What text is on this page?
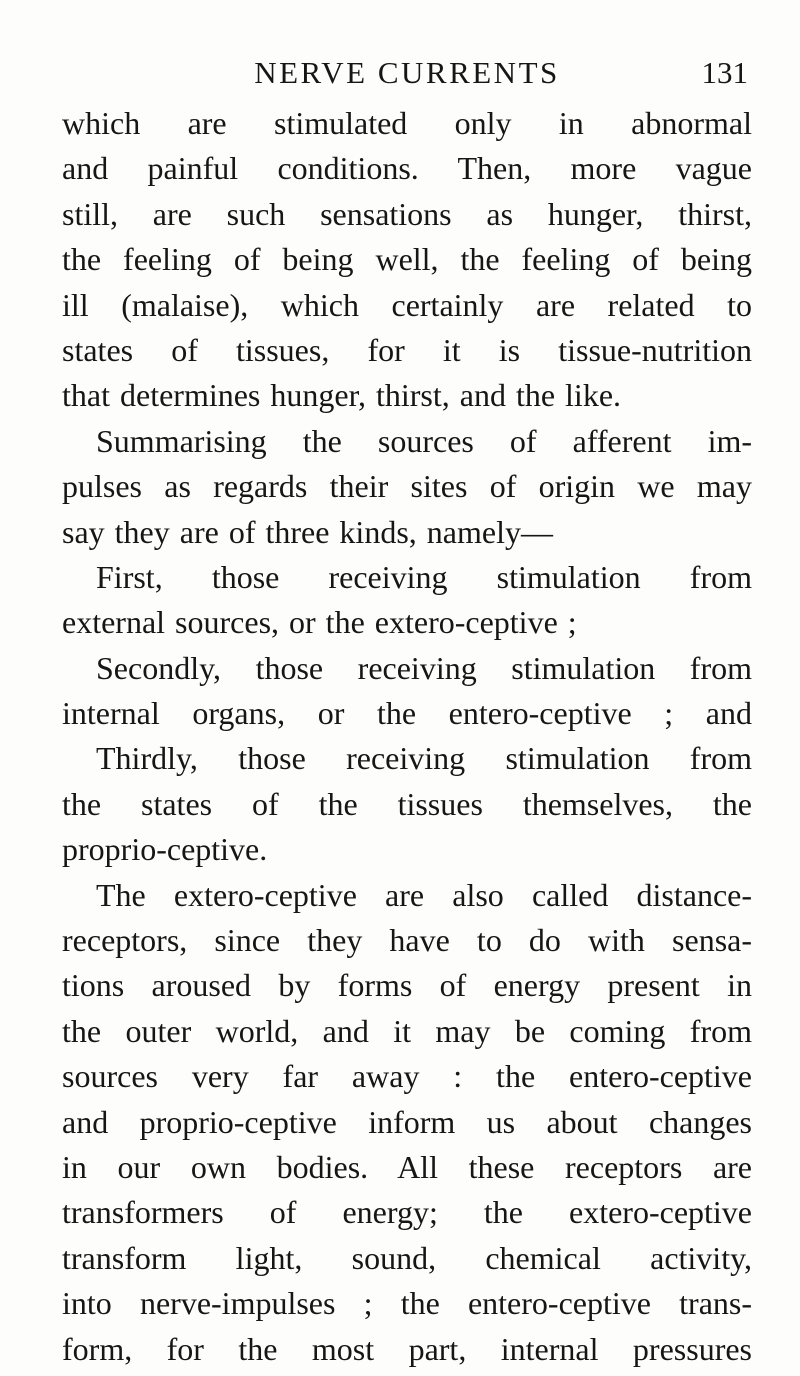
NERVE CURRENTS	131
which are stimulated only in abnormal
and painful conditions. Then, more vague
still, are such sensations as hunger, thirst,
the feeling of being well, the feeling of being
ill (malaise), which certainly are related to
states of tissues, for it is tissue-nutrition
that determines hunger, thirst, and the like.
Summarising the sources of afferent im-
pulses as regards their sites of origin we may
say they are of three kinds, namely—
First, those receiving stimulation from
external sources, or the extero-ceptive ;
Secondly, those receiving stimulation from
internal organs, or the entero-ceptive ; and
Thirdly, those receiving stimulation from
the states of the tissues themselves, the
proprio-ceptive.
The extero-ceptive are also called distance-
receptors, since they have to do with sensa-
tions aroused by forms of energy present in
the outer world, and it may be coming from
sources very far away : the entero-ceptive
and proprio-ceptive inform us about changes
in our own bodies. All these receptors are
transformers of energy; the extero-ceptive
transform light, sound, chemical activity,
into nerve-impulses ; the entero-ceptive trans-
form, for the most part, internal pressures
